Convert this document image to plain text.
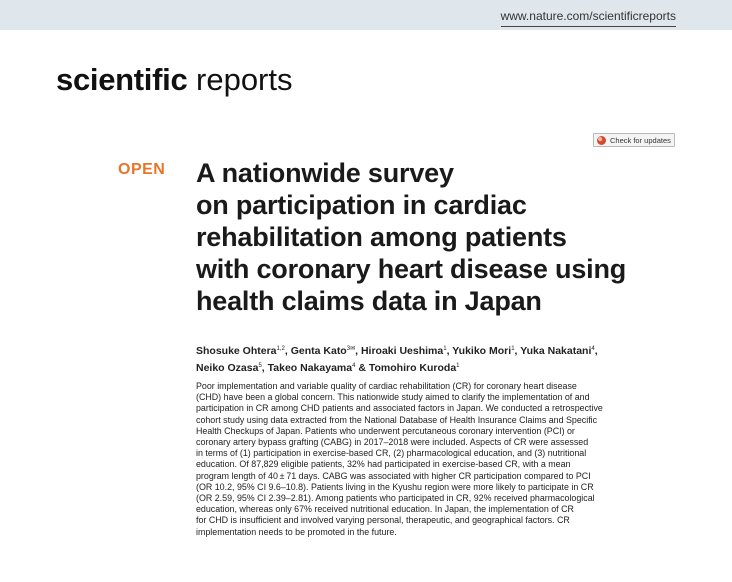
www.nature.com/scientificreports
scientific reports
Check for updates
OPEN A nationwide survey
on participation in cardiac
rehabilitation among patients
with coronary heart disease using
health claims data in Japan
Shosuke Ohtera$^{1,2}$, Genta Kato$^{3✉}$, Hiroaki Ueshima$^1$, Yukiko Mori$^1$, Yuka Nakatani$^4$,
Neiko Ozasa$^5$, Takeo Nakayama$^4$ & Tomohiro Kuroda$^1$
Poor implementation and variable quality of cardiac rehabilitation (CR) for coronary heart disease
(CHD) have been a global concern. This nationwide study aimed to clarify the implementation of and
participation in CR among CHD patients and associated factors in Japan. We conducted a retrospective
cohort study using data extracted from the National Database of Health Insurance Claims and Specific
Health Checkups of Japan. Patients who underwent percutaneous coronary intervention (PCI) or
coronary artery bypass grafting (CABG) in 2017–2018 were included. Aspects of CR were assessed
in terms of (1) participation in exercise-based CR, (2) pharmacological education, and (3) nutritional
education. Of 87,829 eligible patients, 32% had participated in exercise-based CR, with a mean
program length of 40 ± 71 days. CABG was associated with higher CR participation compared to PCI
(OR 10.2, 95% CI 9.6–10.8). Patients living in the Kyushu region were more likely to participate in CR
(OR 2.59, 95% CI 2.39–2.81). Among patients who participated in CR, 92% received pharmacological
education, whereas only 67% received nutritional education. In Japan, the implementation of CR
for CHD is insufficient and involved varying personal, therapeutic, and geographical factors. CR
implementation needs to be promoted in the future.
